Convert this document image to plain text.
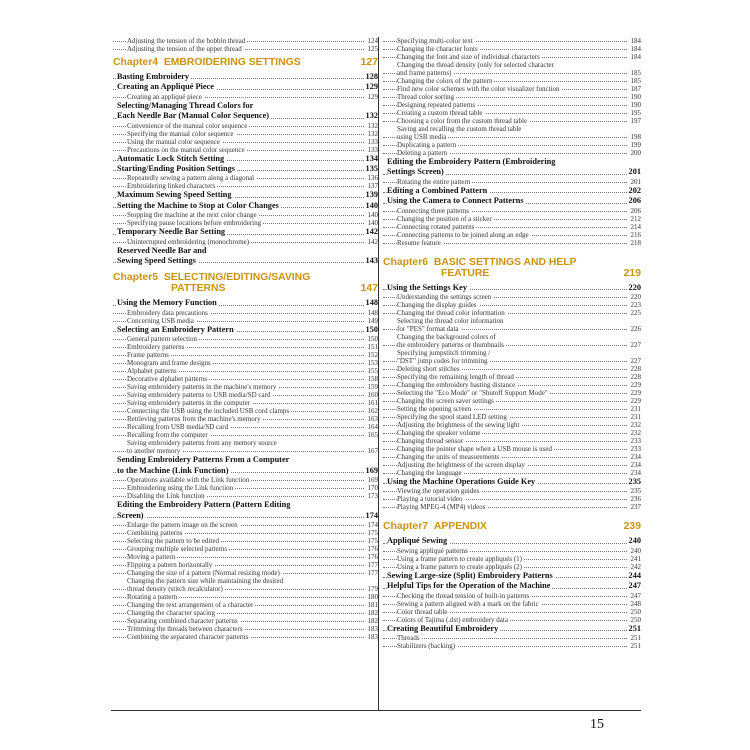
Adjusting the tension of the bobbin thread	124
Adjusting the tension of the upper thread	125
Chapter4 EMBROIDERING SETTINGS	127
Basting Embroidery	128
Creating an Appliqué Piece	129
Creating an appliqué piece	129
Selecting/Managing Thread Colors for
Each Needle Bar (Manual Color Sequence)	132
Convenience of the manual color sequence	132
Specifying the manual color sequence	132
Using the manual color sequence	133
Precautions on the manual color sequence	133
Automatic Lock Stitch Setting	134
Starting/Ending Position Settings	135
Repeatedly sewing a pattern along a diagonal	136
Embroidering linked characters	137
Maximum Sewing Speed Setting	139
Setting the Machine to Stop at Color Changes	140
Stopping the machine at the next color change	140
Specifying pause locations before embroidering	140
Temporary Needle Bar Setting	142
Uninterrupted embroidering (monochrome)	142
Reserved Needle Bar and
Sewing Speed Settings	143
Chapter5 SELECTING/EDITING/SAVING
PATTERNS	147
Using the Memory Function	148
Embroidery data precautions	148
Concerning USB media	149
Selecting an Embroidery Pattern	150
General pattern selection	150
Embroidery patterns	151
Frame patterns	152
Monogram and frame designs	153
Alphabet patterns	155
Decorative alphabet patterns	158
Saving embroidery patterns in the machine's memory	159
Saving embroidery patterns to USB media/SD card	160
Saving embroidery patterns in the computer	161
Connecting the USB using the included USB cord clamps	162
Retrieving patterns from the machine's memory	163
Recalling from USB media/SD card	164
Recalling from the computer	165
Saving embroidery patterns from any memory source
to another memory	167
Sending Embroidery Patterns From a Computer
to the Machine (Link Function)	169
Operations available with the Link function	169
Embroidering using the Link function	170
Disabling the Link function	173
Editing the Embroidery Pattern (Pattern Editing
Screen)	174
Enlarge the pattern image on the screen	174
Combining patterns	175
Selecting the pattern to be edited	175
Grouping multiple selected patterns	176
Moving a pattern	176
Flipping a pattern horizontally	177
Changing the size of a pattern (Normal resizing mode)	177
Changing the pattern size while maintaining the desired
thread density (stitch recalculator)	179
Rotating a pattern	180
Changing the text arrangement of a character	181
Changing the character spacing	182
Separating combined character patterns	182
Trimming the threads between characters	183
Combining the separated character patterns	183
Specifying multi-color text	184
Changing the character fonts	184
Changing the font and size of individual characters	184
Changing the thread density (only for selected character
and frame patterns)	185
Changing the colors of the pattern	185
Find new color schemes with the color visualizer function	187
Thread color sorting	190
Designing repeated patterns	190
Creating a custom thread table	195
Choosing a color from the custom thread table	197
Saving and recalling the custom thread table
using USB media	198
Duplicating a pattern	199
Deleting a pattern	200
Editing the Embroidery Pattern (Embroidering
Settings Screen)	201
Rotating the entire pattern	201
Editing a Combined Pattern	202
Using the Camera to Connect Patterns	206
Connecting three patterns	206
Changing the position of a sticker	212
Connecting rotated patterns	214
Connecting patterns to be joined along an edge	216
Resume feature	218
Chapter6 BASIC SETTINGS AND HELP
FEATURE	219
Using the Settings Key	220
Understanding the settings screen	220
Changing the display guides	223
Changing the thread color information	225
Selecting the thread color information
for "PES" format data	226
Changing the background colors of
the embroidery patterns or thumbnails	227
Specifying jumpstitch trimming /
"DST" jump codes for trimming	227
Deleting short stitches	228
Specifying the remaining length of thread	228
Changing the embroidery basting distance	229
Selecting the "Eco Mode" or "Shutoff Support Mode"	229
Changing the screen saver settings	229
Setting the opening screen	231
Specifying the spool stand LED setting	231
Adjusting the brightness of the sewing light	232
Changing the speaker volume	232
Changing thread sensor	233
Changing the pointer shape when a USB mouse is used	233
Changing the units of measurements	234
Adjusting the brightness of the screen display	234
Changing the language	234
Using the Machine Operations Guide Key	235
Viewing the operation guides	235
Playing a tutorial video	236
Playing MPEG-4 (MP4) videos	237
Chapter7 APPENDIX	239
Appliqué Sewing	240
Sewing appliqué patterns	240
Using a frame pattern to create appliqués (1)	241
Using a frame pattern to create appliqués (2)	242
Sewing Large-size (Split) Embroidery Patterns	244
Helpful Tips for the Operation of the Machine	247
Checking the thread tension of built-in patterns	247
Sewing a pattern aligned with a mark on the fabric	248
Color thread table	250
Colors of Tajima (.dst) embroidery data	250
Creating Beautiful Embroidery	251
Threads	251
Stabilizers (backing)	251
15
